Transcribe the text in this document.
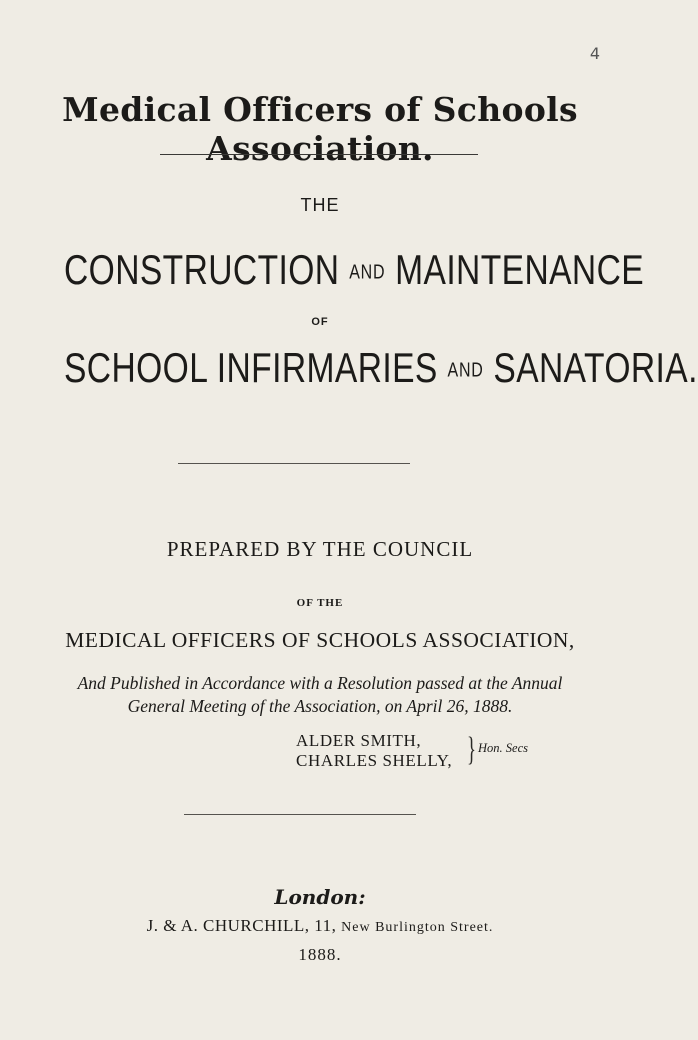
4
Medical Officers of Schools Association.
THE
CONSTRUCTION AND MAINTENANCE
OF
SCHOOL INFIRMARIES AND SANATORIA.
PREPARED BY THE COUNCIL
OF THE
MEDICAL OFFICERS OF SCHOOLS ASSOCIATION,
And Published in Accordance with a Resolution passed at the Annual
General Meeting of the Association, on April 26, 1888.
ALDER SMITH,
CHARLES SHELLY, } Hon. Secs
London:
J. & A. CHURCHILL, 11, New Burlington Street.
1888.
